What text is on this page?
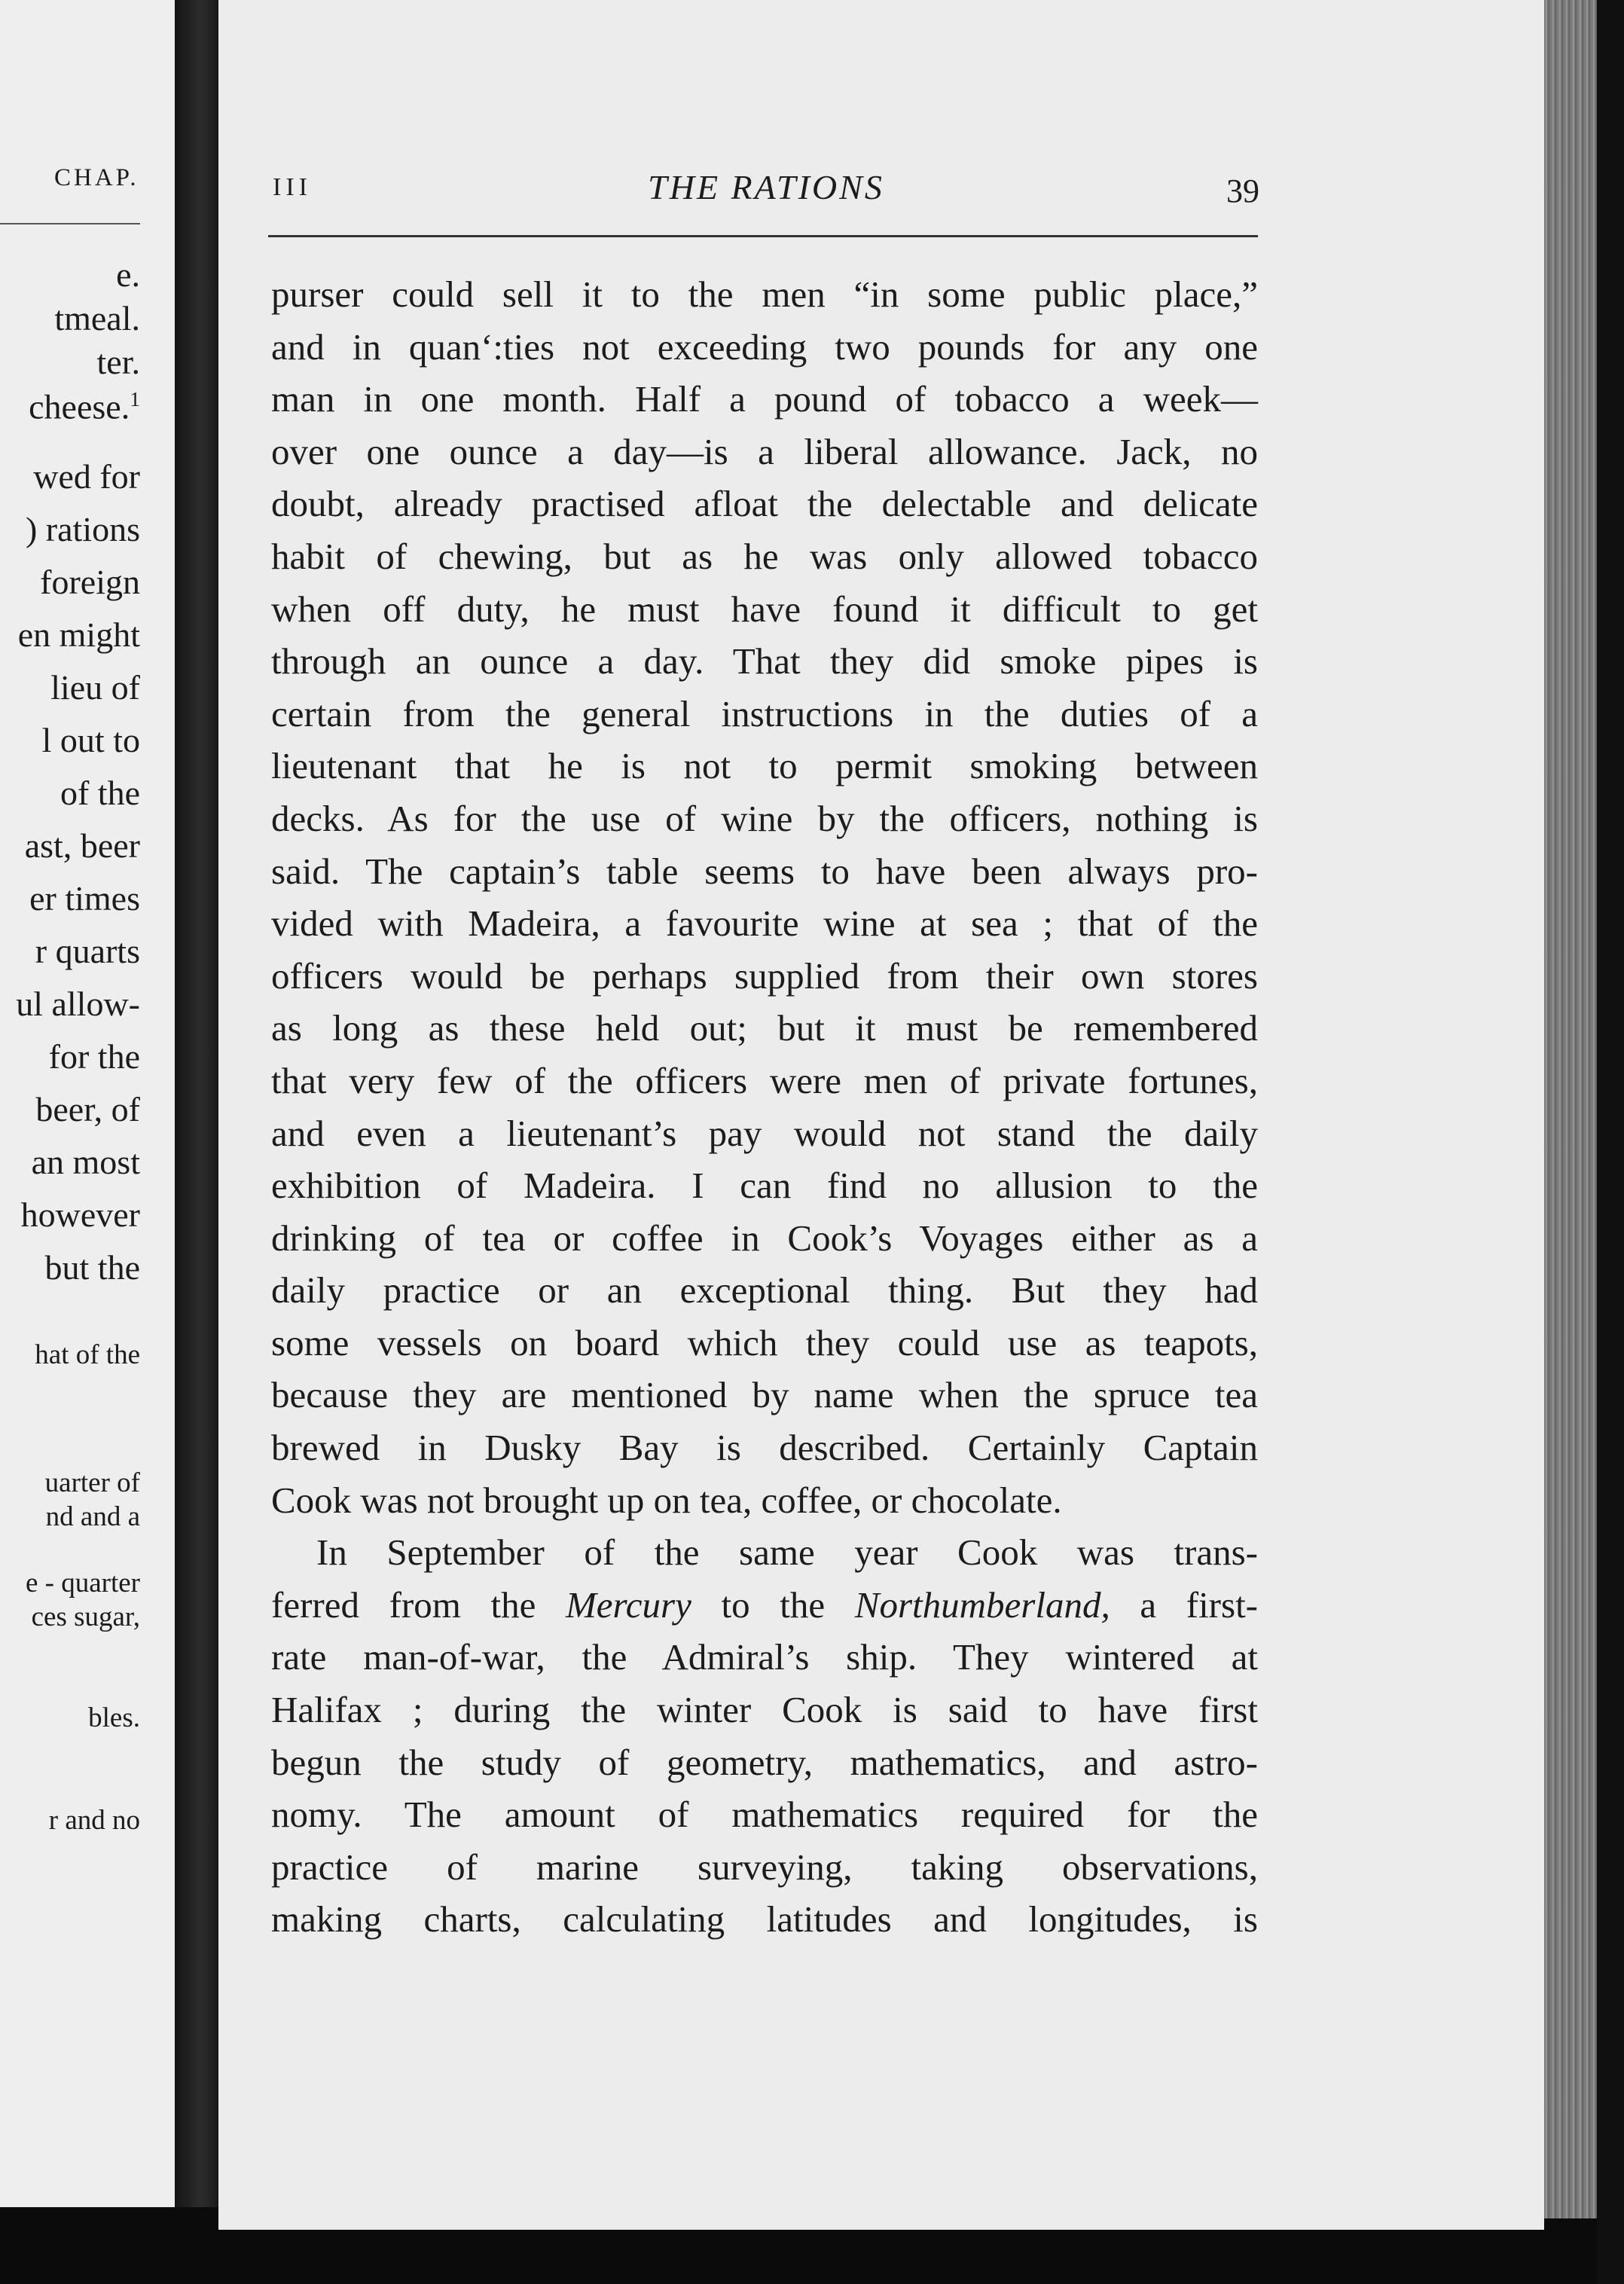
CHAP.
e.
tmeal.
ter.
cheese.$^1$
wed for
) rations
foreign
en might
lieu of
l out to
of the
ast, beer
er times
r quarts
ul allow-
for the
beer, of
an most
however
but the
hat of the
uarter of
nd and a
e - quarter
ces sugar,
bles.
r and no
III	THE RATIONS	39
purser could sell it to the men “in some public place,”
and in quan‘:ties not exceeding two pounds for any one
man in one month. Half a pound of tobacco a week—
over one ounce a day—is a liberal allowance. Jack, no
doubt, already practised afloat the delectable and delicate
habit of chewing, but as he was only allowed tobacco
when off duty, he must have found it difficult to get
through an ounce a day. That they did smoke pipes is
certain from the general instructions in the duties of a
lieutenant that he is not to permit smoking between
decks. As for the use of wine by the officers, nothing is
said. The captain’s table seems to have been always pro-
vided with Madeira, a favourite wine at sea ; that of the
officers would be perhaps supplied from their own stores
as long as these held out; but it must be remembered
that very few of the officers were men of private fortunes,
and even a lieutenant’s pay would not stand the daily
exhibition of Madeira. I can find no allusion to the
drinking of tea or coffee in Cook’s Voyages either as a
daily practice or an exceptional thing. But they had
some vessels on board which they could use as teapots,
because they are mentioned by name when the spruce tea
brewed in Dusky Bay is described. Certainly Captain
Cook was not brought up on tea, coffee, or chocolate.
In September of the same year Cook was trans-
ferred from the Mercury to the Northumberland, a first-
rate man-of-war, the Admiral’s ship. They wintered at
Halifax ; during the winter Cook is said to have first
begun the study of geometry, mathematics, and astro-
nomy. The amount of mathematics required for the
practice of marine surveying, taking observations,
making charts, calculating latitudes and longitudes, is
